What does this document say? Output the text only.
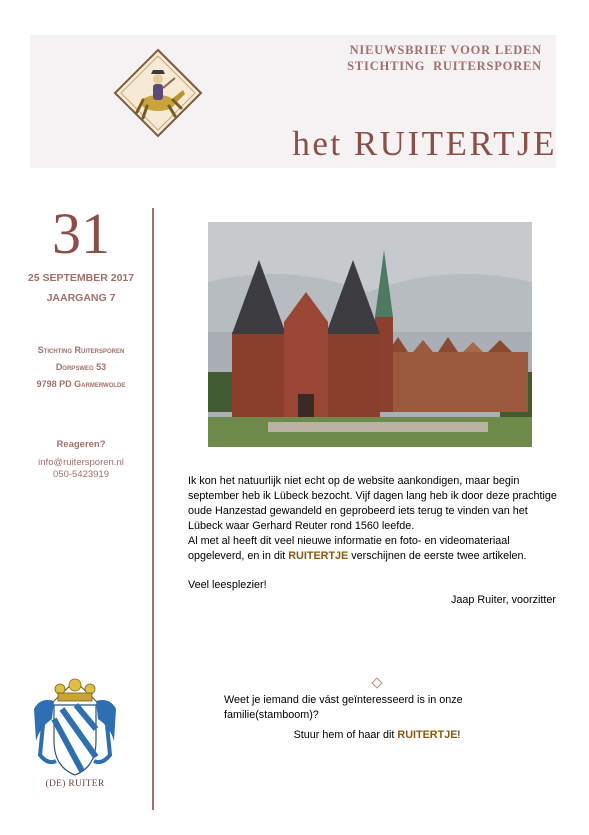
NIEUWSBRIEF VOOR LEDEN
STICHTING  RUITERSPOREN
het RUITERTJE
31
25 SEPTEMBER 2017
JAARGANG 7
Stichting Ruitersporen
Dorpsweg 53
9798 PD Garmerwolde
Reageren?
info@ruitersporen.nl
050-5423919
(DE) RUITER

Ik kon het natuurlijk niet echt op de website aankondigen, maar begin september heb ik Lübeck bezocht. Vijf dagen lang heb ik door deze prachtige oude Hanzestad gewandeld en geprobeerd iets terug te vinden van het Lübeck waar Gerhard Reuter rond 1560 leefde.

Al met al heeft dit veel nieuwe informatie en foto- en videomateriaal opgeleverd, en in dit RUITERTJE verschijnen de eerste twee artikelen.

Veel leesplezier!

Jaap Ruiter, voorzitter

Weet je iemand die vást geïnteresseerd is in onze familie(stamboom)?

Stuur hem of haar dit RUITERTJE!
